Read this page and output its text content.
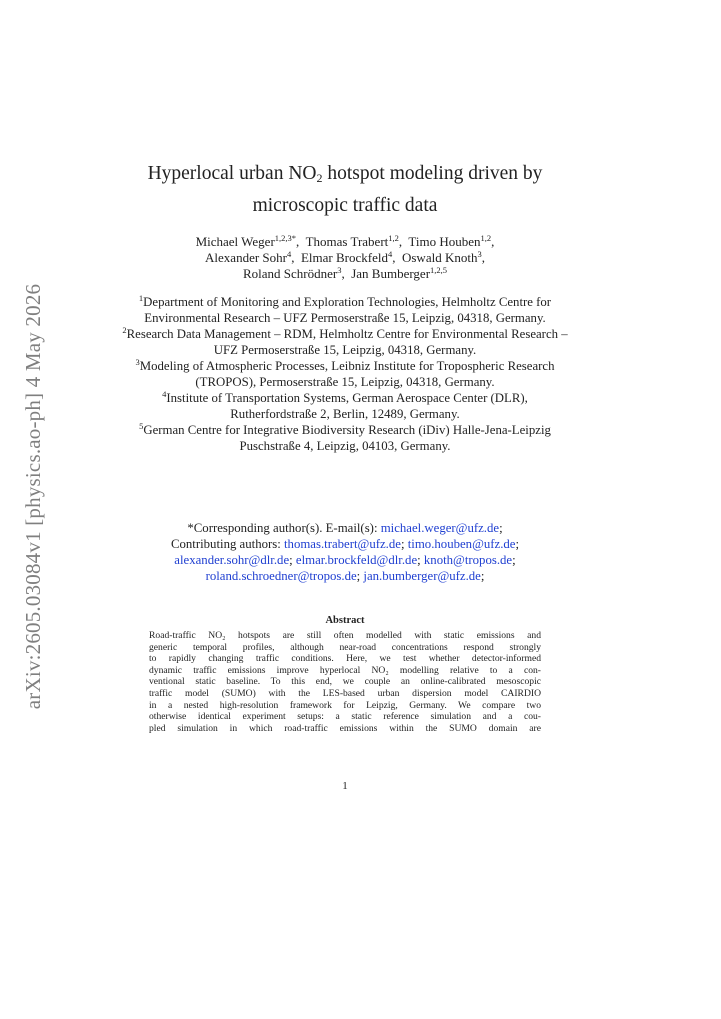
arXiv:2605.03084v1 [physics.ao-ph] 4 May 2026
Hyperlocal urban $NO_2$ hotspot modeling driven by
microscopic traffic data
Michael Weger$^{1,2,3*}$,  Thomas Trabert$^{1,2}$,  Timo Houben$^{1,2}$,
Alexander Sohr$^4$,  Elmar Brockfeld$^4$,  Oswald Knoth$^3$,
Roland Schrödner$^3$,  Jan Bumberger$^{1,2,5}$
$^1$Department of Monitoring and Exploration Technologies, Helmholtz Centre for Environmental Research – UFZ Permoserstraße 15, Leipzig, 04318, Germany.
$^2$Research Data Management – RDM, Helmholtz Centre for Environmental Research – UFZ Permoserstraße 15, Leipzig, 04318, Germany.
$^3$Modeling of Atmospheric Processes, Leibniz Institute for Tropospheric Research (TROPOS), Permoserstraße 15, Leipzig, 04318, Germany.
$^4$Institute of Transportation Systems, German Aerospace Center (DLR), Rutherfordstraße 2, Berlin, 12489, Germany.
$^5$German Centre for Integrative Biodiversity Research (iDiv) Halle-Jena-Leipzig Puschstraße 4, Leipzig, 04103, Germany.
*Corresponding author(s). E-mail(s): michael.weger@ufz.de;
Contributing authors: thomas.trabert@ufz.de; timo.houben@ufz.de;
alexander.sohr@dlr.de; elmar.brockfeld@dlr.de; knoth@tropos.de;
roland.schroedner@tropos.de; jan.bumberger@ufz.de;
Abstract
Road-traffic NO₂ hotspots are still often modelled with static emissions and
generic temporal profiles, although near-road concentrations respond strongly
to rapidly changing traffic conditions. Here, we test whether detector-informed
dynamic traffic emissions improve hyperlocal NO₂ modelling relative to a con-
ventional static baseline. To this end, we couple an online-calibrated mesoscopic
traffic model (SUMO) with the LES-based urban dispersion model CAIRDIO
in a nested high-resolution framework for Leipzig, Germany. We compare two
otherwise identical experiment setups: a static reference simulation and a cou-
pled simulation in which road-traffic emissions within the SUMO domain are
1
